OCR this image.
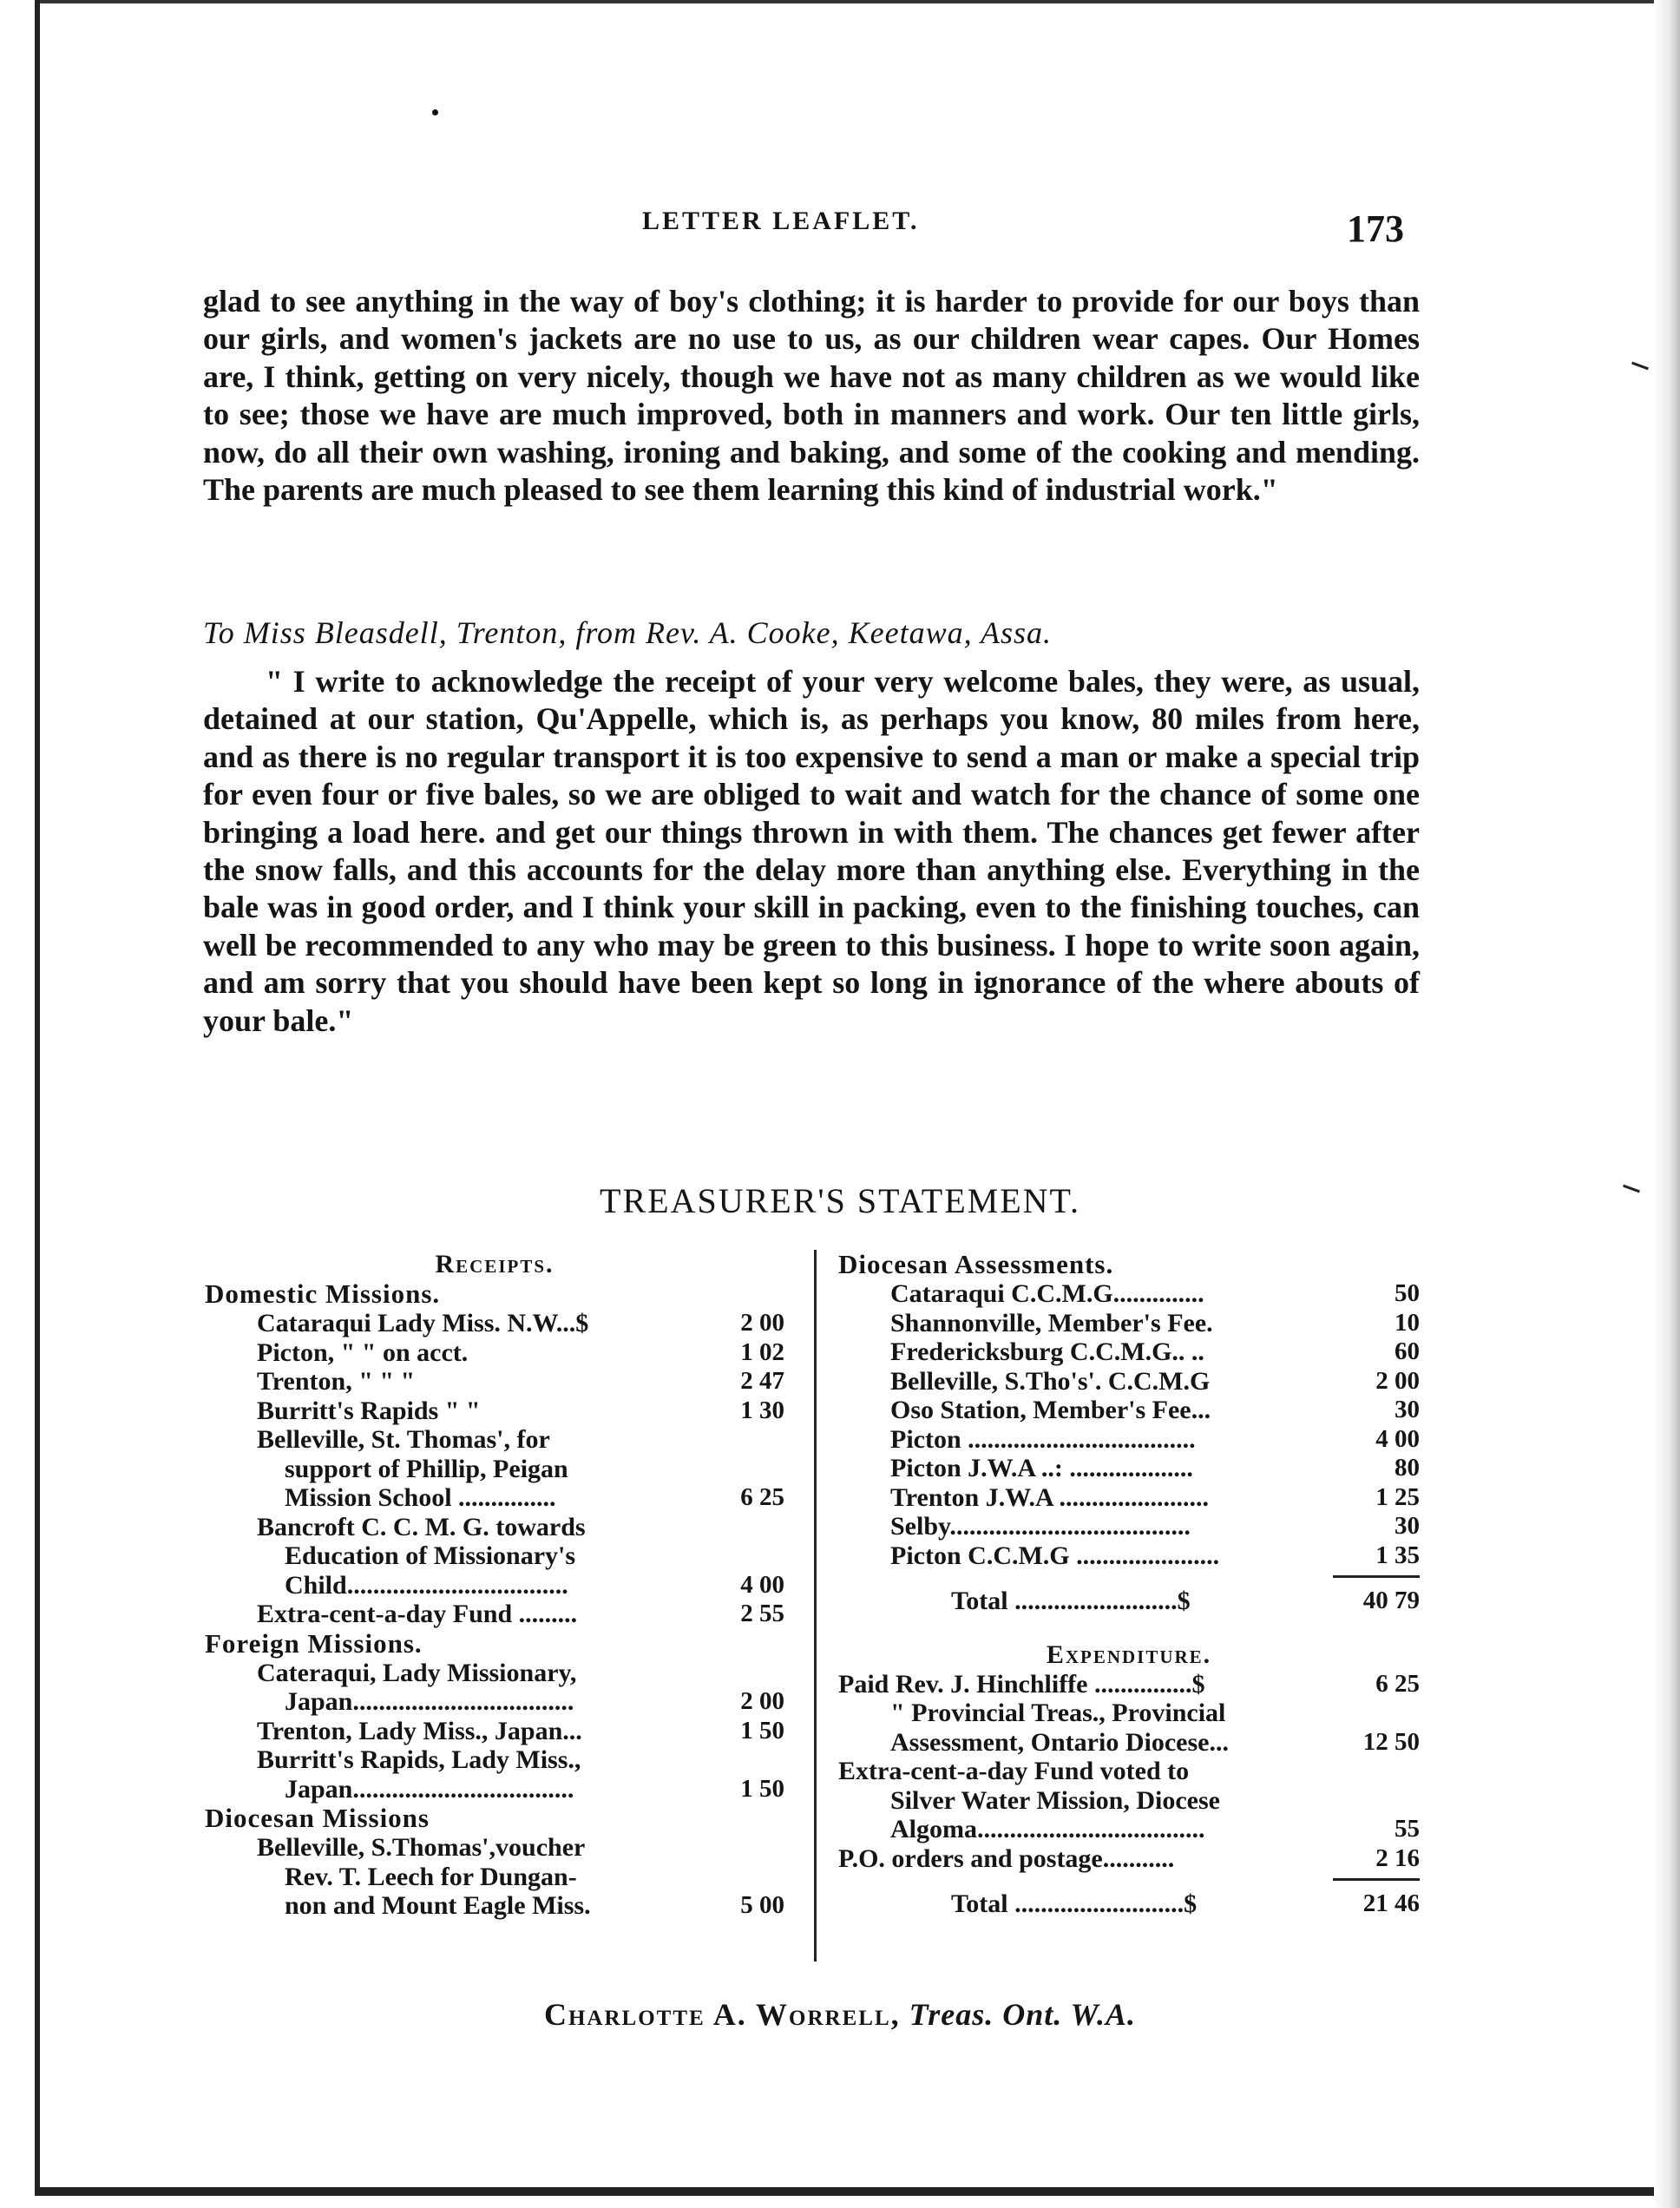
LETTER LEAFLET.	173
glad to see anything in the way of boy's clothing; it is harder to provide for our boys than our girls, and women's jackets are no use to us, as our children wear capes. Our Homes are, I think, getting on very nicely, though we have not as many children as we would like to see; those we have are much improved, both in manners and work. Our ten little girls, now, do all their own washing, ironing and baking, and some of the cooking and mending. The parents are much pleased to see them learning this kind of industrial work."
To Miss Bleasdell, Trenton, from Rev. A. Cooke, Keetawa, Assa.
" I write to acknowledge the receipt of your very welcome bales, they were, as usual, detained at our station, Qu'Appelle, which is, as perhaps you know, 80 miles from here, and as there is no regular transport it is too expensive to send a man or make a special trip for even four or five bales, so we are obliged to wait and watch for the chance of some one bringing a load here. and get our things thrown in with them. The chances get fewer after the snow falls, and this accounts for the delay more than anything else. Everything in the bale was in good order, and I think your skill in packing, even to the finishing touches, can well be recommended to any who may be green to this business. I hope to write soon again, and am sorry that you should have been kept so long in ignorance of the where abouts of your bale."
TREASURER'S STATEMENT.
Receipts.
Domestic Missions.
Cataraqui Lady Miss. N.W...$	2 00
Picton, " " on acct.	1 02
Trenton, " " "	2 47
Burritt's Rapids " "	1 30
Belleville, St. Thomas', for
support of Phillip, Peigan
Mission School ...............	6 25
Bancroft C. C. M. G. towards
Education of Missionary's
Child..................................	4 00
Extra-cent-a-day Fund .........	2 55
Foreign Missions.
Cateraqui, Lady Missionary,
Japan..................................	2 00
Trenton, Lady Miss., Japan...	1 50
Burritt's Rapids, Lady Miss.,
Japan..................................	1 50
Diocesan Missions
Belleville, S.Thomas',voucher
Rev. T. Leech for Dungan-
non and Mount Eagle Miss.	5 00
Diocesan Assessments.
Cataraqui C.C.M.G..............	50
Shannonville, Member's Fee.	10
Fredericksburg C.C.M.G.. ..	60
Belleville, S.Tho's'. C.C.M.G	2 00
Oso Station, Member's Fee...	30
Picton ...................................	4 00
Picton J.W.A ..: ...................	80
Trenton J.W.A .......................	1 25
Selby.....................................	30
Picton C.C.M.G ......................	1 35
Total .........................$	40 79
Expenditure.
Paid Rev. J. Hinchliffe ...............$	6 25
" Provincial Treas., Provincial
Assessment, Ontario Diocese...	12 50
Extra-cent-a-day Fund voted to
Silver Water Mission, Diocese
Algoma...................................	55
P.O. orders and postage...........	2 16
Total ..........................$	21 46
Charlotte A. Worrell, Treas. Ont. W.A.
